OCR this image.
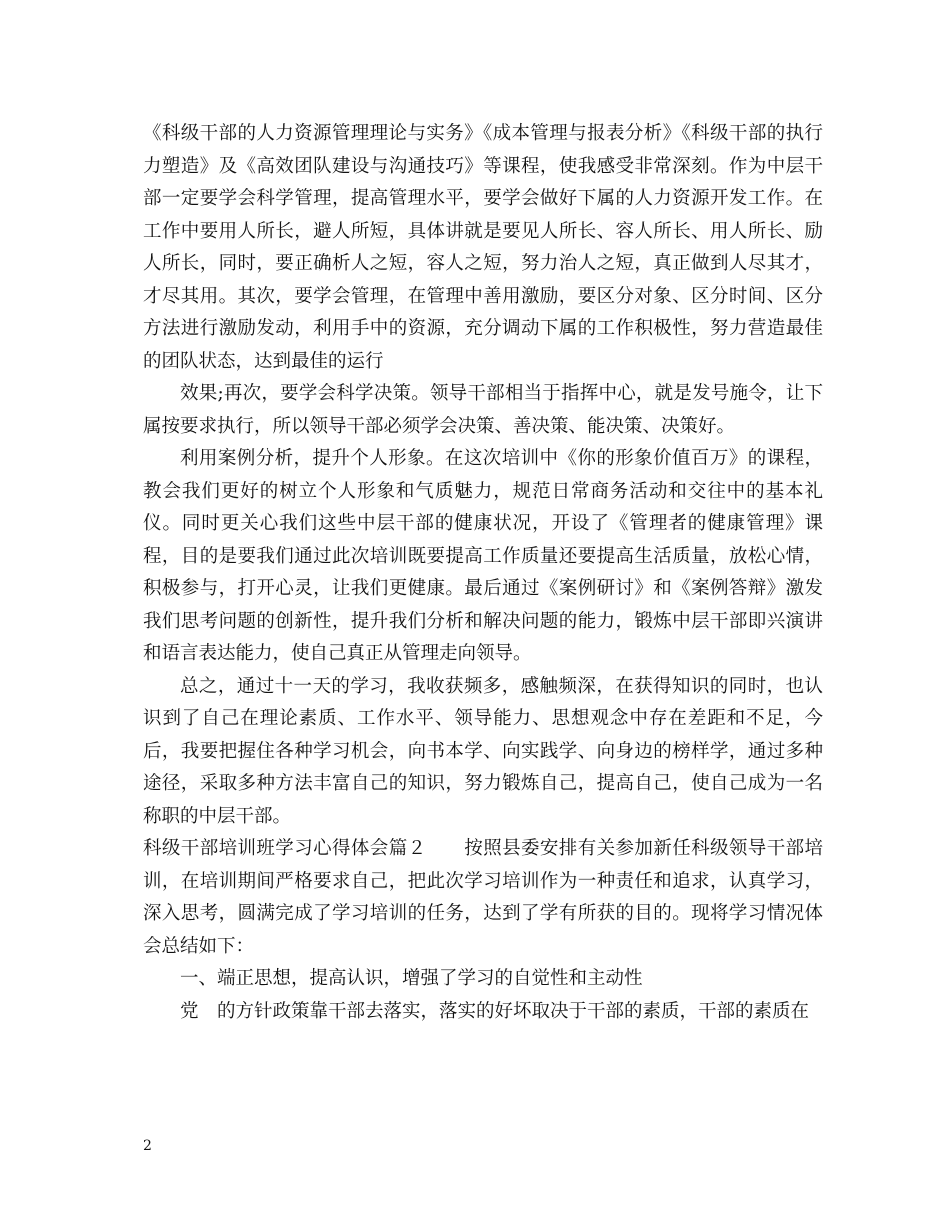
《科级干部的人力资源管理理论与实务》《成本管理与报表分析》《科级干部的执行力塑造》及《高效团队建设与沟通技巧》等课程，使我感受非常深刻。作为中层干部一定要学会科学管理，提高管理水平，要学会做好下属的人力资源开发工作。在工作中要用人所长，避人所短，具体讲就是要见人所长、容人所长、用人所长、励人所长，同时，要正确析人之短，容人之短，努力治人之短，真正做到人尽其才，才尽其用。其次，要学会管理，在管理中善用激励，要区分对象、区分时间、区分方法进行激励发动，利用手中的资源，充分调动下属的工作积极性，努力营造最佳的团队状态，达到最佳的运行

效果;再次，要学会科学决策。领导干部相当于指挥中心，就是发号施令，让下属按要求执行，所以领导干部必须学会决策、善决策、能决策、决策好。

利用案例分析，提升个人形象。在这次培训中《你的形象价值百万》的课程，教会我们更好的树立个人形象和气质魅力，规范日常商务活动和交往中的基本礼仪。同时更关心我们这些中层干部的健康状况，开设了《管理者的健康管理》课程，目的是要我们通过此次培训既要提高工作质量还要提高生活质量，放松心情，积极参与，打开心灵，让我们更健康。最后通过《案例研讨》和《案例答辩》激发我们思考问题的创新性，提升我们分析和解决问题的能力，锻炼中层干部即兴演讲和语言表达能力，使自己真正从管理走向领导。

总之，通过十一天的学习，我收获频多，感触频深，在获得知识的同时，也认识到了自己在理论素质、工作水平、领导能力、思想观念中存在差距和不足，今后，我要把握住各种学习机会，向书本学、向实践学、向身边的榜样学，通过多种途径，采取多种方法丰富自己的知识，努力锻炼自己，提高自己，使自己成为一名称职的中层干部。

科级干部培训班学习心得体会篇２　　按照县委安排有关参加新任科级领导干部培训，在培训期间严格要求自己，把此次学习培训作为一种责任和追求，认真学习，深入思考，圆满完成了学习培训的任务，达到了学有所获的目的。现将学习情况体会总结如下：

一、端正思想，提高认识，增强了学习的自觉性和主动性

党　的方针政策靠干部去落实，落实的好坏取决于干部的素质，干部的素质在

2
